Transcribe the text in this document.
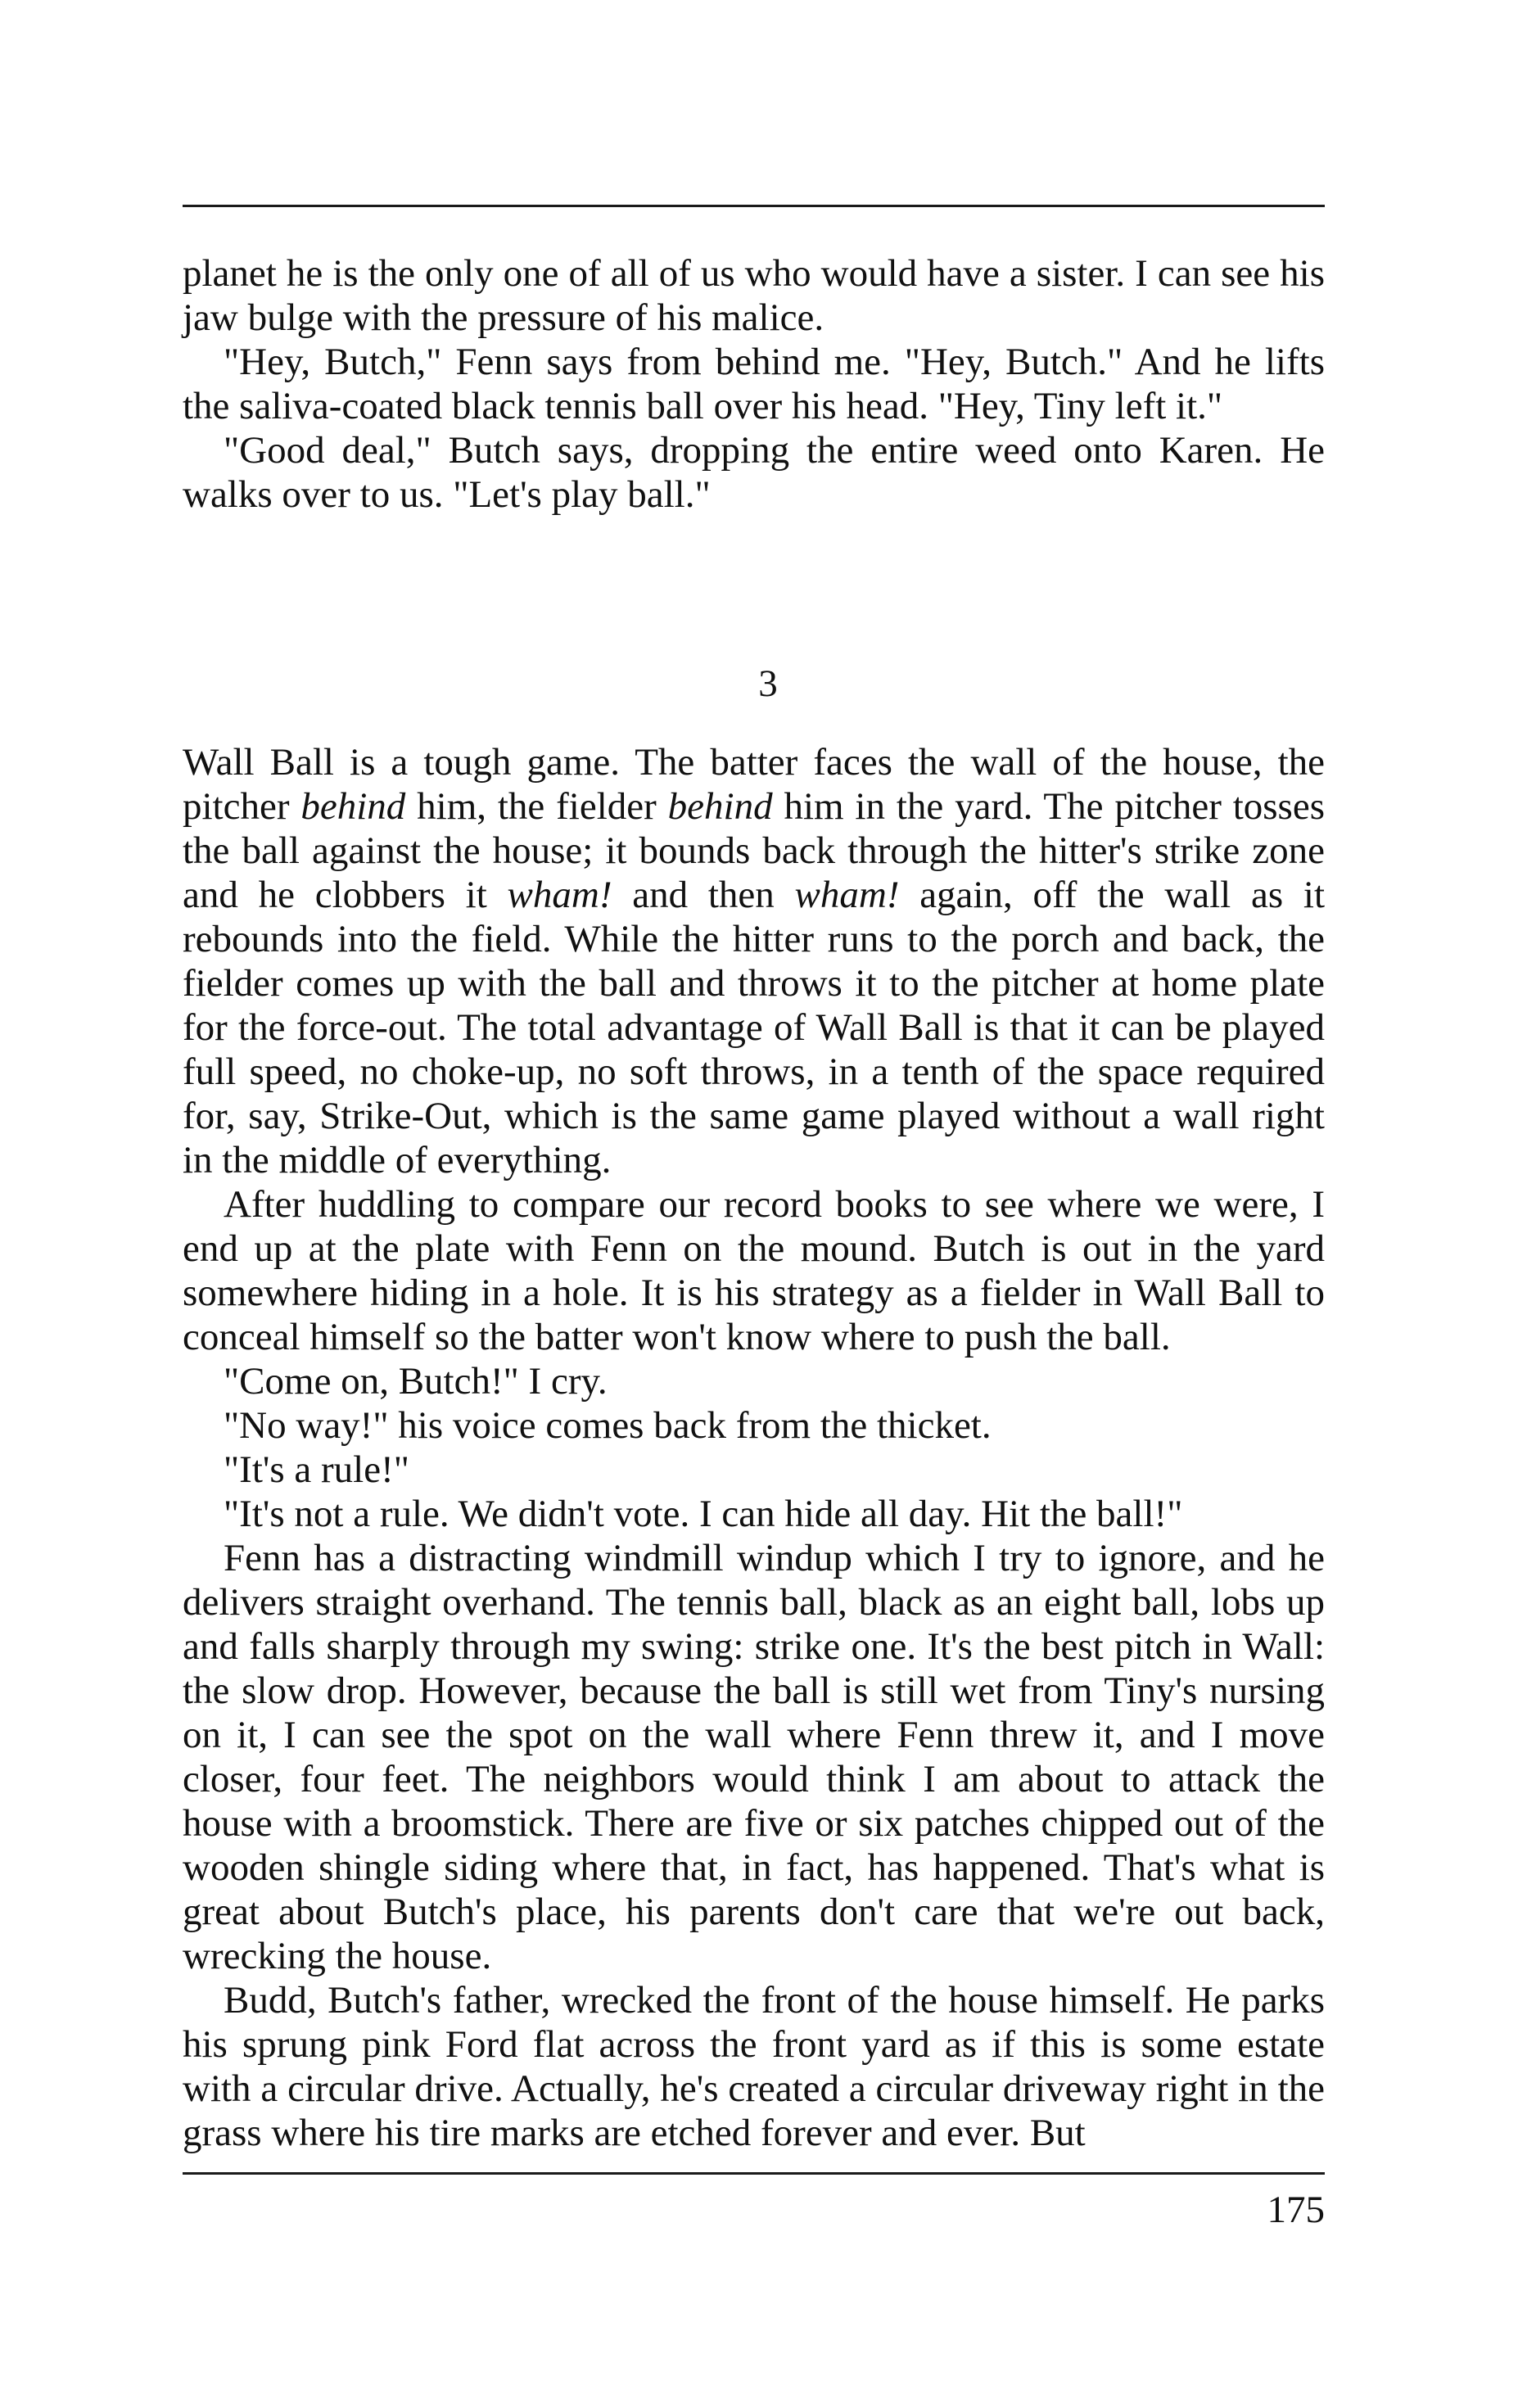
planet he is the only one of all of us who would have a sister. I can see his jaw bulge with the pressure of his malice.

"Hey, Butch," Fenn says from behind me. "Hey, Butch." And he lifts the saliva-coated black tennis ball over his head. "Hey, Tiny left it."

"Good deal," Butch says, dropping the entire weed onto Karen. He walks over to us. "Let's play ball."

3

Wall Ball is a tough game. The batter faces the wall of the house, the pitcher behind him, the fielder behind him in the yard. The pitcher tosses the ball against the house; it bounds back through the hitter's strike zone and he clobbers it wham! and then wham! again, off the wall as it rebounds into the field. While the hitter runs to the porch and back, the fielder comes up with the ball and throws it to the pitcher at home plate for the force-out. The total advantage of Wall Ball is that it can be played full speed, no choke-up, no soft throws, in a tenth of the space required for, say, Strike-Out, which is the same game played without a wall right in the middle of everything.

After huddling to compare our record books to see where we were, I end up at the plate with Fenn on the mound. Butch is out in the yard somewhere hiding in a hole. It is his strategy as a fielder in Wall Ball to conceal himself so the batter won't know where to push the ball.

"Come on, Butch!" I cry.

"No way!" his voice comes back from the thicket.

"It's a rule!"

"It's not a rule. We didn't vote. I can hide all day. Hit the ball!"

Fenn has a distracting windmill windup which I try to ignore, and he delivers straight overhand. The tennis ball, black as an eight ball, lobs up and falls sharply through my swing: strike one. It's the best pitch in Wall: the slow drop. However, because the ball is still wet from Tiny's nursing on it, I can see the spot on the wall where Fenn threw it, and I move closer, four feet. The neighbors would think I am about to attack the house with a broomstick. There are five or six patches chipped out of the wooden shingle siding where that, in fact, has happened. That's what is great about Butch's place, his parents don't care that we're out back, wrecking the house.

Budd, Butch's father, wrecked the front of the house himself. He parks his sprung pink Ford flat across the front yard as if this is some estate with a circular drive. Actually, he's created a circular driveway right in the grass where his tire marks are etched forever and ever. But

175
